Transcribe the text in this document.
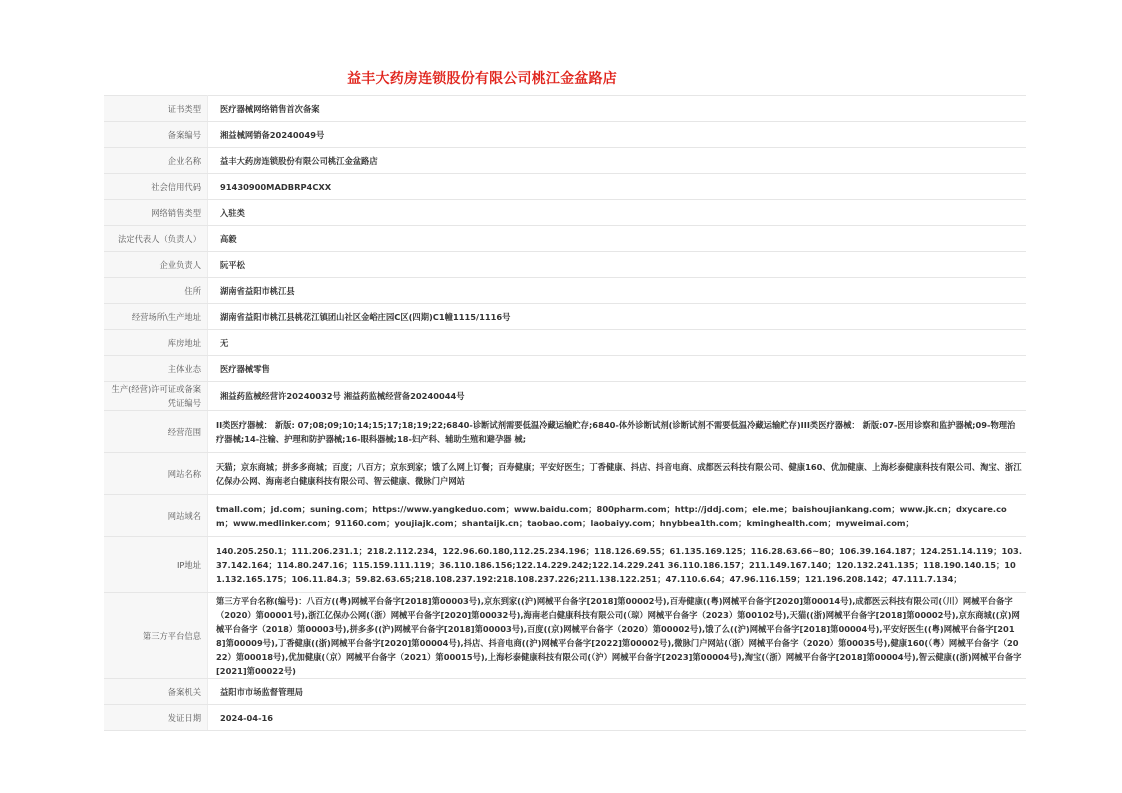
益丰大药房连锁股份有限公司桃江金盆路店
证书类型	医疗器械网络销售首次备案
备案编号	湘益械网销备20240049号
企业名称	益丰大药房连锁股份有限公司桃江金盆路店
社会信用代码	91430900MADBRP4CXX
网络销售类型	入驻类
法定代表人（负责人）	高毅
企业负责人	阮平松
住所	湖南省益阳市桃江县
经营场所\生产地址	湖南省益阳市桃江县桃花江镇团山社区金峪庄园C区(四期)C1幢1115/1116号
库房地址	无
主体业态	医疗器械零售
生产(经营)许可证或备案凭证编号	湘益药监械经营许20240032号 湘益药监械经营备20240044号
经营范围	II类医疗器械： 新版: 07;08;09;10;14;15;17;18;19;22;6840-诊断试剂需要低温冷藏运输贮存;6840-体外诊断试剂(诊断试剂不需要低温冷藏运输贮存)III类医疗器械： 新版:07-医用诊察和监护器械;09-物理治疗器械;14-注输、护理和防护器械;16-眼科器械;18-妇产科、辅助生殖和避孕器 械;
网站名称	天猫；京东商城；拼多多商城；百度；八百方；京东到家；饿了么网上订餐；百寿健康；平安好医生；丁香健康、抖店、抖音电商、成都医云科技有限公司、健康160、优加健康、上海杉泰健康科技有限公司、淘宝、浙江亿保办公网、海南老白健康科技有限公司、智云健康、微脉门户网站
网站域名	tmall.com；jd.com；suning.com；https://www.yangkeduo.com；www.baidu.com；800pharm.com；http://jddj.com；ele.me；baishoujiankang.com；www.jk.cn；dxycare.com；www.medlinker.com；91160.com；youjiajk.com；shantaijk.cn；taobao.com；laobaiyy.com；hnybbea1th.com；kminghealth.com；myweimai.com；
IP地址	140.205.250.1；111.206.231.1；218.2.112.234，122.96.60.180,112.25.234.196；118.126.69.55；61.135.169.125；116.28.63.66~80；106.39.164.187；124.251.14.119；103.37.142.164；114.80.247.16；115.159.111.119；36.110.186.156;122.14.229.242;122.14.229.241 36.110.186.157；211.149.167.140；120.132.241.135；118.190.140.15；101.132.165.175；106.11.84.3；59.82.63.65;218.108.237.192:218.108.237.226;211.138.122.251；47.110.6.64；47.96.116.159；121.196.208.142；47.111.7.134；
第三方平台信息	第三方平台名称(编号)：八百方((粤)网械平台备字[2018]第00003号),京东到家((沪)网械平台备字[2018]第00002号),百寿健康((粤)网械平台备字[2020]第00014号),成都医云科技有限公司(（川）网械平台备字（2020）第00001号),浙江亿保办公网(（浙）网械平台备字[2020]第00032号),海南老白健康科技有限公司(（琼）网械平台备字（2023）第00102号),天猫((浙)网械平台备字[2018]第00002号),京东商城((京)网械平台备字（2018）第00003号),拼多多((沪)网械平台备字[2018]第00003号),百度((京)网械平台备字（2020）第00002号),饿了么((沪)网械平台备字[2018]第00004号),平安好医生((粤)网械平台备字[2018]第00009号),丁香健康((浙)网械平台备字[2020]第00004号),抖店、抖音电商((沪)网械平台备字[2022]第00002号),微脉门户网站(（浙）网械平台备字（2020）第00035号),健康160(（粤）网械平台备字（2022）第00018号),优加健康(（京）网械平台备字（2021）第00015号),上海杉泰健康科技有限公司(（沪）网械平台备字[2023]第00004号),淘宝(（浙）网械平台备字[2018]第00004号),智云健康((浙)网械平台备字[2021]第00022号)
备案机关	益阳市市场监督管理局
发证日期	2024-04-16
